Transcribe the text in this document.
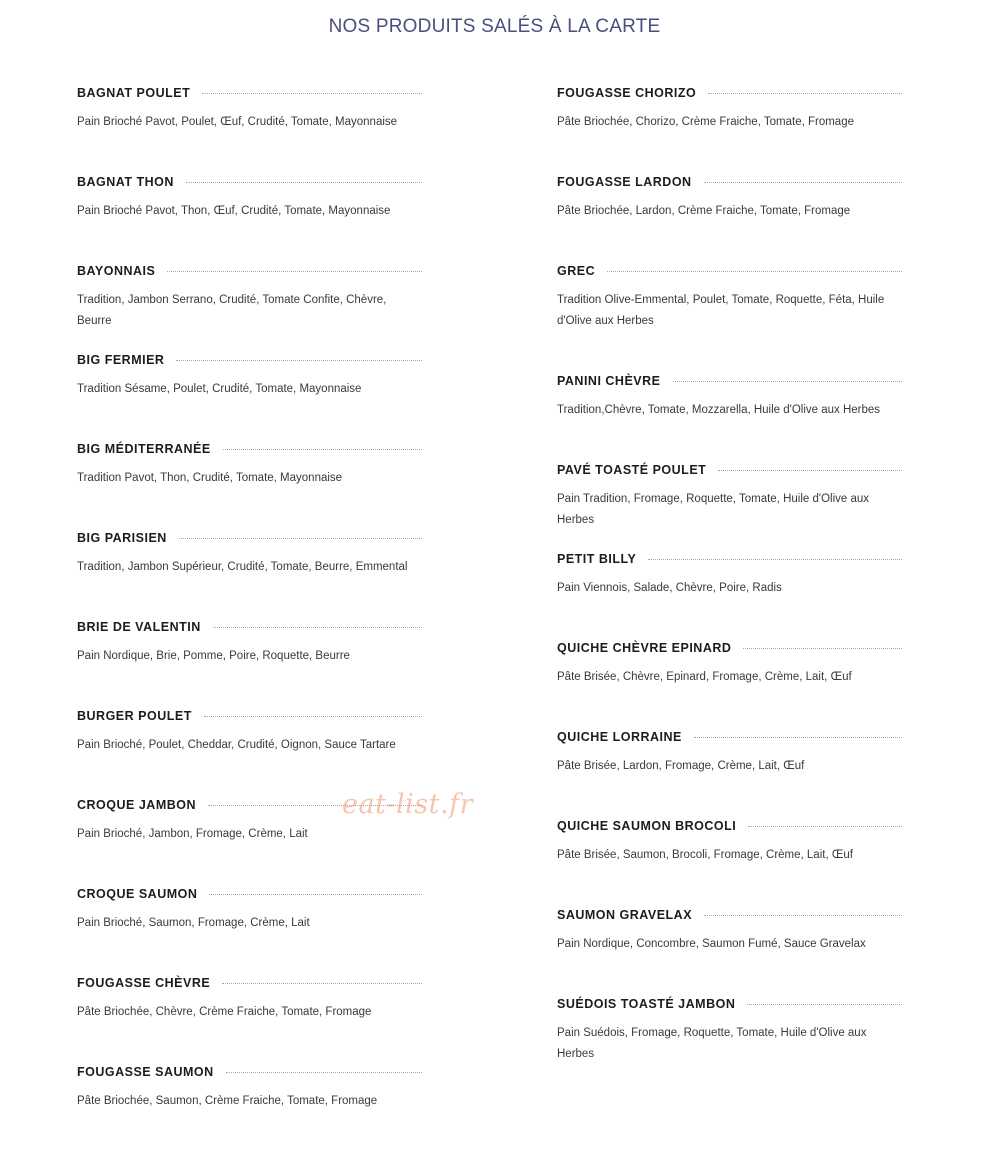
NOS PRODUITS SALÉS À LA CARTE
BAGNAT POULET
Pain Brioché Pavot, Poulet, Œuf, Crudité, Tomate, Mayonnaise
BAGNAT THON
Pain Brioché Pavot, Thon, Œuf, Crudité, Tomate, Mayonnaise
BAYONNAIS
Tradition, Jambon Serrano, Crudité, Tomate Confite, Chèvre, Beurre
BIG FERMIER
Tradition Sésame, Poulet, Crudité, Tomate, Mayonnaise
BIG MÉDITERRANÉE
Tradition Pavot, Thon, Crudité, Tomate, Mayonnaise
BIG PARISIEN
Tradition, Jambon Supérieur, Crudité, Tomate, Beurre, Emmental
BRIE DE VALENTIN
Pain Nordique, Brie, Pomme, Poire, Roquette, Beurre
BURGER POULET
Pain Brioché, Poulet, Cheddar, Crudité, Oignon, Sauce Tartare
CROQUE JAMBON
Pain Brioché, Jambon, Fromage, Crème, Lait
CROQUE SAUMON
Pain Brioché, Saumon, Fromage, Crème, Lait
FOUGASSE CHÈVRE
Pâte Briochée, Chèvre, Crème Fraiche, Tomate, Fromage
FOUGASSE SAUMON
Pâte Briochée, Saumon, Crème Fraiche, Tomate, Fromage
FOUGASSE CHORIZO
Pâte Briochée, Chorizo, Crème Fraiche, Tomate, Fromage
FOUGASSE LARDON
Pâte Briochée, Lardon, Crème Fraiche, Tomate, Fromage
GREC
Tradition Olive-Emmental, Poulet, Tomate, Roquette, Féta, Huile d'Olive aux Herbes
PANINI CHÈVRE
Tradition,Chèvre, Tomate, Mozzarella, Huile d'Olive aux Herbes
PAVÉ TOASTÉ POULET
Pain Tradition, Fromage, Roquette, Tomate, Huile d'Olive aux Herbes
PETIT BILLY
Pain Viennois, Salade, Chèvre, Poire, Radis
QUICHE CHÈVRE EPINARD
Pâte Brisée, Chèvre, Epinard, Fromage, Crème, Lait, Œuf
QUICHE LORRAINE
Pâte Brisée, Lardon, Fromage, Crème, Lait, Œuf
QUICHE SAUMON BROCOLI
Pâte Brisée, Saumon, Brocoli, Fromage, Crème, Lait, Œuf
SAUMON GRAVELAX
Pain Nordique, Concombre, Saumon Fumé, Sauce Gravelax
SUÉDOIS TOASTÉ JAMBON
Pain Suédois, Fromage, Roquette, Tomate, Huile d'Olive aux Herbes
eat-list.fr
